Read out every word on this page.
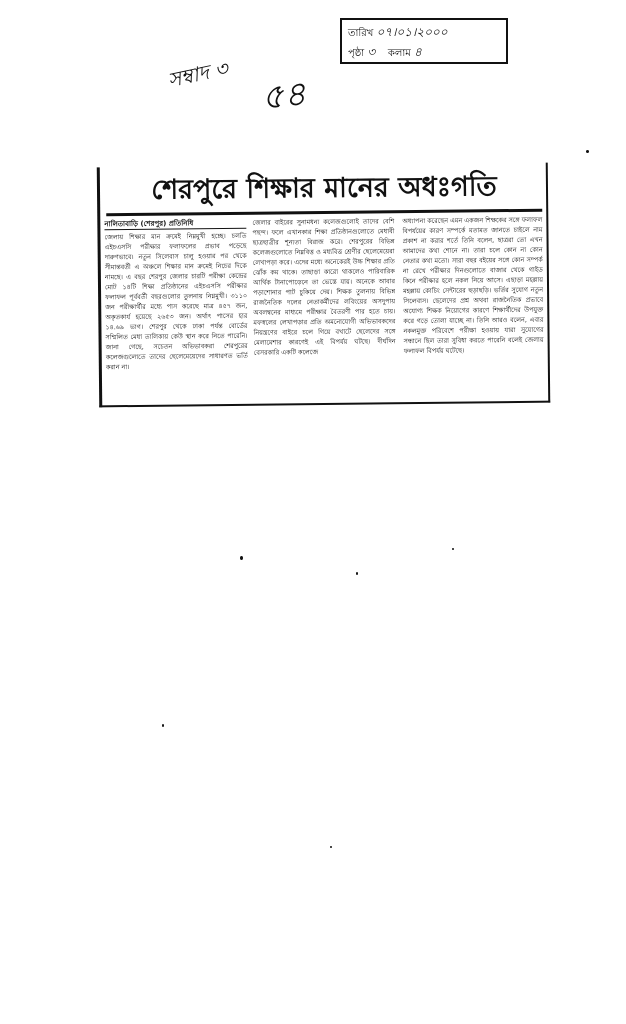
তারিখ ০৭।০১।২০০০
পৃষ্ঠা ৩ কলাম ৪
সম্বাদ ৩ ৫৪
শেরপুরে শিক্ষার মানের অধঃগতি
নালিতাবাড়ি (শেরপুর) প্রতিনিধি

জেলায় শিক্ষার মান ক্রমেই নিম্নমুখী হচ্ছে। চলতি এইচএসসি পরীক্ষার ফলাফলের প্রভাব পড়েছে দারুণভাবে। নতুন সিলেবাস চালু হওয়ার পর থেকে সীমান্তবর্তী এ অঞ্চলে শিক্ষার মান ক্রমেই নিচের দিকে নামছে। এ বছর শেরপুর জেলার চারটি পরীক্ষা কেন্দ্রের মোট ১৪টি শিক্ষা প্রতিষ্ঠানের এইচএসসি পরীক্ষার ফলাফল পূর্ববর্তী বছরগুলোর তুলনায় নিম্নমুখী। ৩১১০ জন পরীক্ষার্থীর মধ্যে পাস করেছে মাত্র ৪৫৭ জন, অকৃতকার্য হয়েছে ২৬৫৩ জন। অর্থাৎ পাসের হার ১৪.৬৯ ভাগ। শেরপুর থেকে ঢাকা পর্যন্ত বোর্ডের সম্মিলিত মেধা তালিকায় কেউ স্থান করে নিতে পারেনি। জানা গেছে, সচেতন অভিভাবকরা শেরপুরের কলেজগুলোতে তাদের ছেলেমেয়েদের সাধারণত ভর্তি করান না।

জেলার বাইরের সুনামধন্য কলেজগুলোই তাদের বেশি পছন্দ। ফলে এখানকার শিক্ষা প্রতিষ্ঠানগুলোতে মেধাবী ছাত্রছাত্রীর শূন্যতা বিরাজ করে। শেরপুরের বিভিন্ন কলেজগুলোতে নিম্নবিত্ত ও মধ্যবিত্ত শ্রেণীর ছেলেমেয়েরা লেখাপড়া করে। এদের মধ্যে অনেকেরই উচ্চ শিক্ষার প্রতি ঝোঁক কম থাকে। তাছাড়া কারো থাকলেও পারিবারিক আর্থিক টানাপোড়েনে তা ভেস্তে যায়। অনেকে আবার পড়াশোনার পাট চুকিয়ে দেয়। শিক্ষক তুলনায় বিভিন্ন রাজনৈতিক দলের নেতাকর্মীদের লবিংয়ের অসদুপায় অবলম্বনের মাধ্যমে পরীক্ষার বৈতরণী পার হতে চায়। মফস্বলের লেখাপড়ার প্রতি অমনোযোগী অভিভাবকদের নিয়ন্ত্রণের বাইরে চলে গিয়ে বখাটে ছেলেদের সঙ্গে মেলামেশার কারণেই এই বিপর্যয় ঘটছে। দীর্ঘদিন বেসরকারি একটি কলেজে

অধ্যাপনা করেছেন এমন একজন শিক্ষকের সঙ্গে ফলাফল বিপর্যয়ের কারণ সম্পর্কে মতামত জানতে চাইলে নাম প্রকাশ না করার শর্তে তিনি বলেন, ছাত্ররা তো এখন আমাদের কথা শোনে না। তারা চলে কোন না কোন নেতার কথা মতো। সারা বছর বইয়ের সঙ্গে কোন সম্পর্ক না রেখে পরীক্ষার দিনগুলোতে বাজার থেকে গাইড কিনে পরীক্ষার হলে নকল নিয়ে আসে। এছাড়া মহল্লায় মহল্লায় কোচিং সেন্টারের ছড়াছড়ি। ভর্তির সুযোগ নতুন সিলেবাস। ছেলেদের প্রশ্ন অথবা রাজনৈতিক প্রভাবে অযোগ্য শিক্ষক নিয়োগের কারণে শিক্ষার্থীদের উপযুক্ত করে গড়ে তোলা যাচ্ছে না। তিনি আরও বলেন, এবার নকলমুক্ত পরিবেশে পরীক্ষা হওয়ায় যারা সুযোগের সন্ধানে ছিল তারা সুবিধা করতে পারেনি বলেই জেলায় ফলাফল বিপর্যয় ঘটেছে।
